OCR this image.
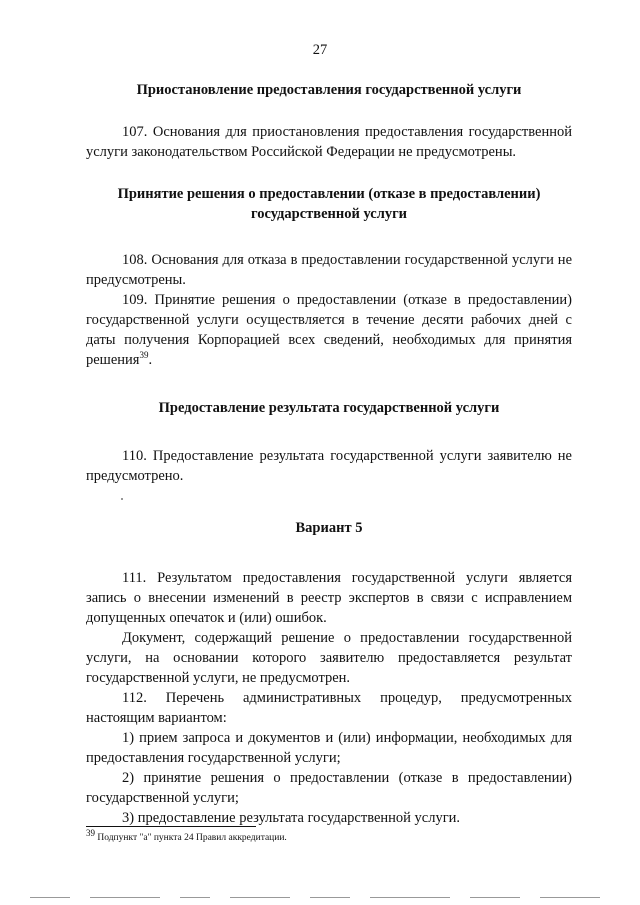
27

Приостановление предоставления государственной услуги

107. Основания для приостановления предоставления государственной услуги законодательством Российской Федерации не предусмотрены.

Принятие решения о предоставлении (отказе в предоставлении)

государственной услуги

108. Основания для отказа в предоставлении государственной услуги не предусмотрены.

109. Принятие решения о предоставлении (отказе в предоставлении) государственной услуги осуществляется в течение десяти рабочих дней с даты получения Корпорацией всех сведений, необходимых для принятия решения$^{39}$.

Предоставление результата государственной услуги

110. Предоставление результата государственной услуги заявителю не предусмотрено.

Вариант 5

111. Результатом предоставления государственной услуги является запись о внесении изменений в реестр экспертов в связи с исправлением допущенных опечаток и (или) ошибок.

Документ, содержащий решение о предоставлении государственной услуги, на основании которого заявителю предоставляется результат государственной услуги, не предусмотрен.

112. Перечень административных процедур, предусмотренных настоящим вариантом:

1) прием запроса и документов и (или) информации, необходимых для предоставления государственной услуги;

2) принятие решения о предоставлении (отказе в предоставлении) государственной услуги;

3) предоставление результата государственной услуги.

$^{39}$ Подпункт "а" пункта 24 Правил аккредитации.
